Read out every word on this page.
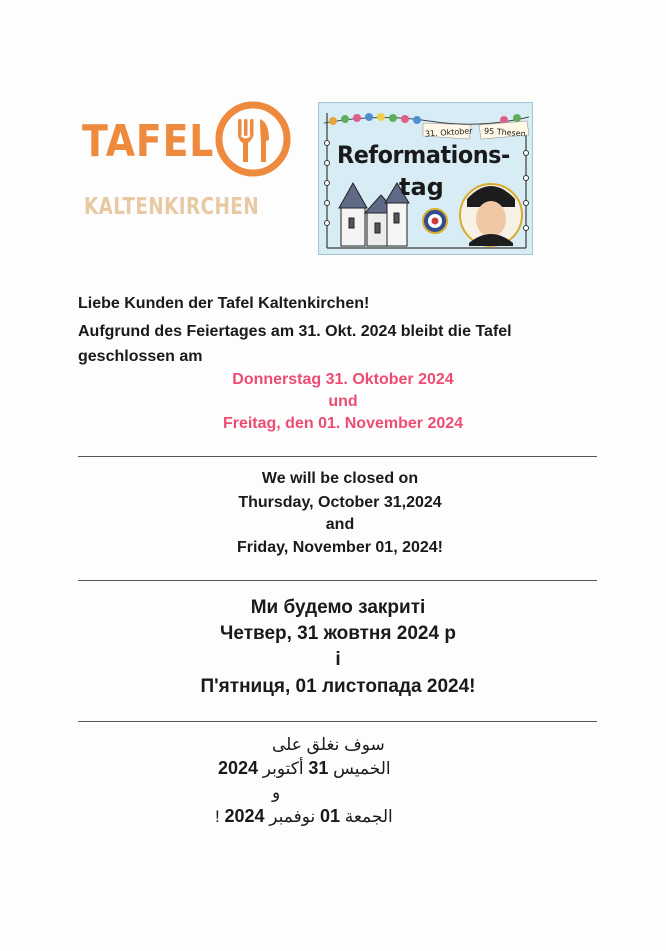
TAFEL
KALTENKIRCHEN
31. Oktober 95 Thesen
Reformations-
tag
Liebe Kunden der Tafel Kaltenkirchen!
Aufgrund des Feiertages am 31. Okt. 2024 bleibt die Tafel
geschlossen am
Donnerstag 31. Oktober 2024
und
Freitag, den 01. November 2024
We will be closed on
Thursday, October 31,2024
and
Friday, November 01, 2024!
Ми будемо закриті
Четвер, 31 жовтня 2024 р
і
П'ятниця, 01 листопада 2024!
سوف نغلق على
الخميس 31 أكتوبر 2024
و
الجمعة 01 نوفمبر 2024 !
